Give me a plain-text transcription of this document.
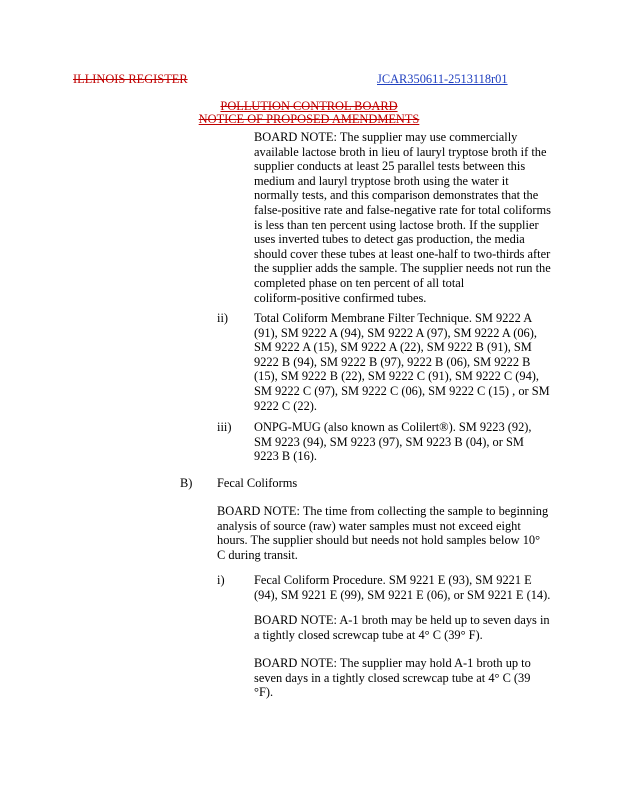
ILLINOIS REGISTER	JCAR350611-2513118r01
POLLUTION CONTROL BOARD
NOTICE OF PROPOSED AMENDMENTS
BOARD NOTE: The supplier may use commercially
available lactose broth in lieu of lauryl tryptose broth if the
supplier conducts at least 25 parallel tests between this
medium and lauryl tryptose broth using the water it
normally tests, and this comparison demonstrates that the
false-positive rate and false-negative rate for total coliforms
is less than ten percent using lactose broth. If the supplier
uses inverted tubes to detect gas production, the media
should cover these tubes at least one-half to two-thirds after
the supplier adds the sample. The supplier needs not run the
completed phase on ten percent of all total
coliform-positive confirmed tubes.
ii) Total Coliform Membrane Filter Technique. SM 9222 A
(91), SM 9222 A (94), SM 9222 A (97), SM 9222 A (06),
SM 9222 A (15), SM 9222 A (22), SM 9222 B (91), SM
9222 B (94), SM 9222 B (97), 9222 B (06), SM 9222 B
(15), SM 9222 B (22), SM 9222 C (91), SM 9222 C (94),
SM 9222 C (97), SM 9222 C (06), SM 9222 C (15) , or SM
9222 C (22).
iii) ONPG-MUG (also known as Colilert®). SM 9223 (92),
SM 9223 (94), SM 9223 (97), SM 9223 B (04), or SM
9223 B (16).
B) Fecal Coliforms
BOARD NOTE: The time from collecting the sample to beginning
analysis of source (raw) water samples must not exceed eight
hours. The supplier should but needs not hold samples below 10°
C during transit.
i) Fecal Coliform Procedure. SM 9221 E (93), SM 9221 E
(94), SM 9221 E (99), SM 9221 E (06), or SM 9221 E (14).
BOARD NOTE: A-1 broth may be held up to seven days in
a tightly closed screwcap tube at 4° C (39° F).
BOARD NOTE: The supplier may hold A-1 broth up to
seven days in a tightly closed screwcap tube at 4° C (39
°F).
